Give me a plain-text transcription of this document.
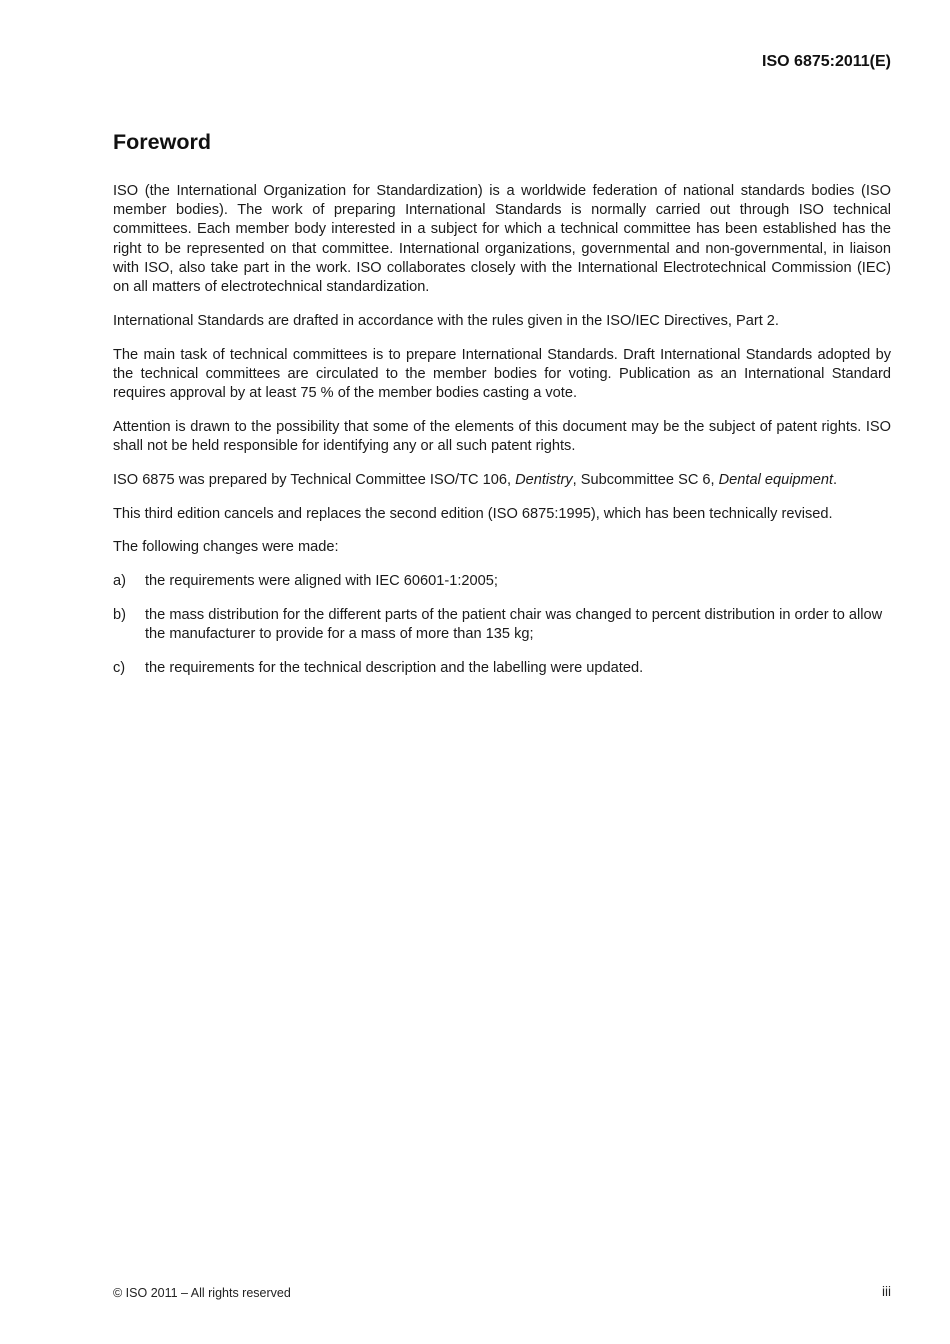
ISO 6875:2011(E)
Foreword

ISO (the International Organization for Standardization) is a worldwide federation of national standards bodies (ISO member bodies). The work of preparing International Standards is normally carried out through ISO technical committees. Each member body interested in a subject for which a technical committee has been established has the right to be represented on that committee. International organizations, governmental and non-governmental, in liaison with ISO, also take part in the work. ISO collaborates closely with the International Electrotechnical Commission (IEC) on all matters of electrotechnical standardization.

International Standards are drafted in accordance with the rules given in the ISO/IEC Directives, Part 2.

The main task of technical committees is to prepare International Standards. Draft International Standards adopted by the technical committees are circulated to the member bodies for voting. Publication as an International Standard requires approval by at least 75 % of the member bodies casting a vote.

Attention is drawn to the possibility that some of the elements of this document may be the subject of patent rights. ISO shall not be held responsible for identifying any or all such patent rights.

ISO 6875 was prepared by Technical Committee ISO/TC 106, Dentistry, Subcommittee SC 6, Dental equipment.

This third edition cancels and replaces the second edition (ISO 6875:1995), which has been technically revised.

The following changes were made:

a)	the requirements were aligned with IEC 60601-1:2005;
b)	the mass distribution for the different parts of the patient chair was changed to percent distribution in order to allow the manufacturer to provide for a mass of more than 135 kg;
c)	the requirements for the technical description and the labelling were updated.
© ISO 2011 – All rights reserved	iii
